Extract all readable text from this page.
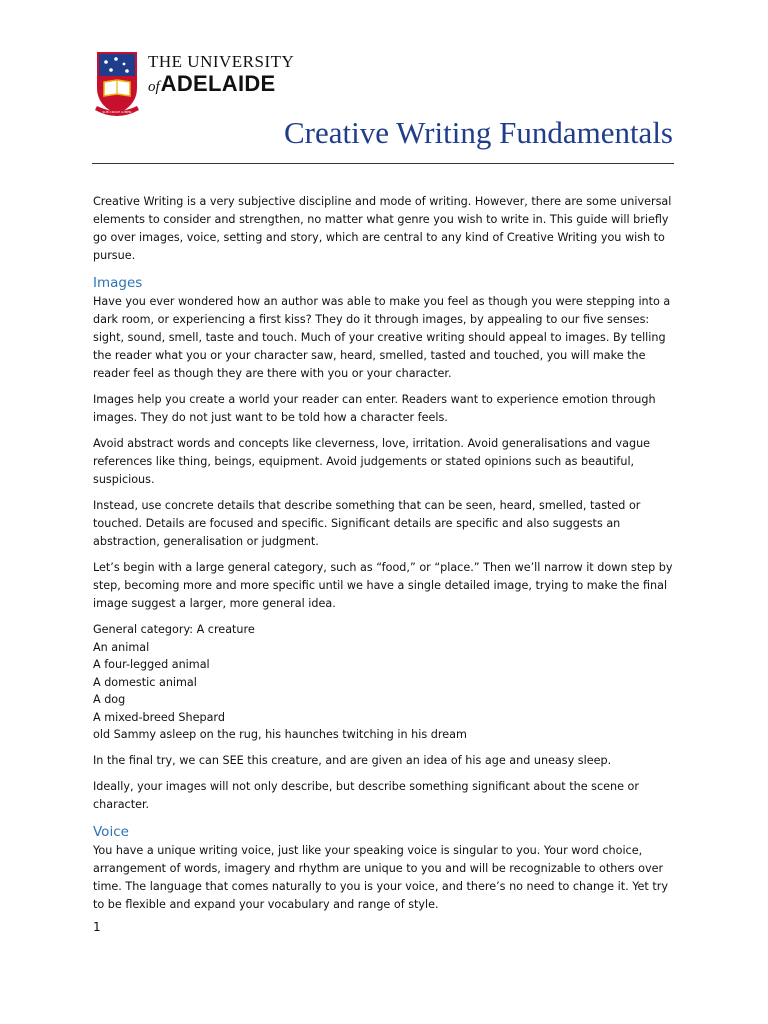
SUB CRUCE LUMEN
THE UNIVERSITY
of ADELAIDE
Creative Writing Fundamentals

Creative Writing is a very subjective discipline and mode of writing. However, there are some universal elements to consider and strengthen, no matter what genre you wish to write in. This guide will briefly go over images, voice, setting and story, which are central to any kind of Creative Writing you wish to pursue.

Images

Have you ever wondered how an author was able to make you feel as though you were stepping into a dark room, or experiencing a first kiss? They do it through images, by appealing to our five senses: sight, sound, smell, taste and touch. Much of your creative writing should appeal to images. By telling the reader what you or your character saw, heard, smelled, tasted and touched, you will make the reader feel as though they are there with you or your character.

Images help you create a world your reader can enter. Readers want to experience emotion through images. They do not just want to be told how a character feels.

Avoid abstract words and concepts like cleverness, love, irritation. Avoid generalisations and vague references like thing, beings, equipment. Avoid judgements or stated opinions such as beautiful, suspicious.

Instead, use concrete details that describe something that can be seen, heard, smelled, tasted or touched. Details are focused and specific. Significant details are specific and also suggests an abstraction, generalisation or judgment.

Let’s begin with a large general category, such as “food,” or “place.” Then we’ll narrow it down step by step, becoming more and more specific until we have a single detailed image, trying to make the final image suggest a larger, more general idea.

General category: A creature
An animal
A four-legged animal
A domestic animal
A dog
A mixed-breed Shepard
old Sammy asleep on the rug, his haunches twitching in his dream

In the final try, we can SEE this creature, and are given an idea of his age and uneasy sleep.

Ideally, your images will not only describe, but describe something significant about the scene or character.

Voice

You have a unique writing voice, just like your speaking voice is singular to you. Your word choice, arrangement of words, imagery and rhythm are unique to you and will be recognizable to others over time. The language that comes naturally to you is your voice, and there’s no need to change it. Yet try to be flexible and expand your vocabulary and range of style.

1
